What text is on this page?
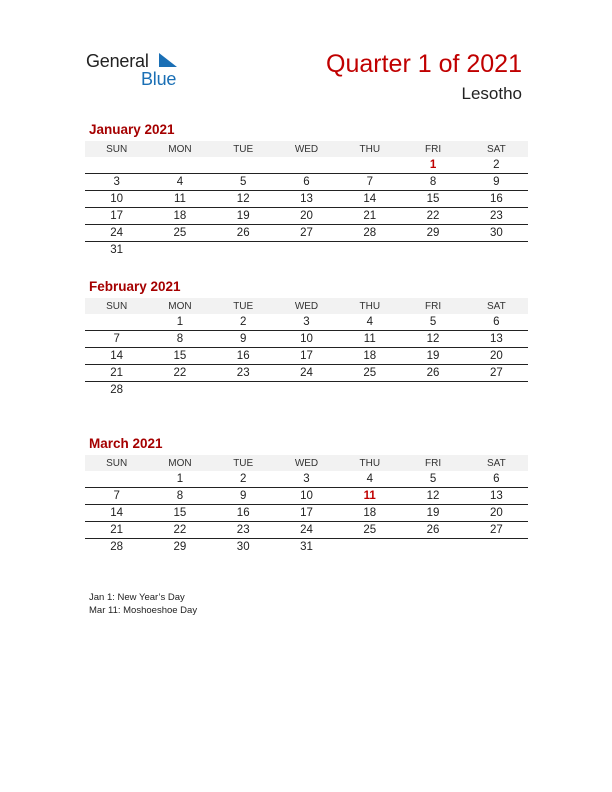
General
Blue
Quarter 1 of 2021
Lesotho
January 2021
SUN	MON	TUE	WED	THU	FRI	SAT
					1	2
3	4	5	6	7	8	9
10	11	12	13	14	15	16
17	18	19	20	21	22	23
24	25	26	27	28	29	30
31						
February 2021
SUN	MON	TUE	WED	THU	FRI	SAT
	1	2	3	4	5	6
7	8	9	10	11	12	13
14	15	16	17	18	19	20
21	22	23	24	25	26	27
28						
March 2021
SUN	MON	TUE	WED	THU	FRI	SAT
	1	2	3	4	5	6
7	8	9	10	11	12	13
14	15	16	17	18	19	20
21	22	23	24	25	26	27
28	29	30	31			
Jan 1: New Year’s Day
Mar 11: Moshoeshoe Day
